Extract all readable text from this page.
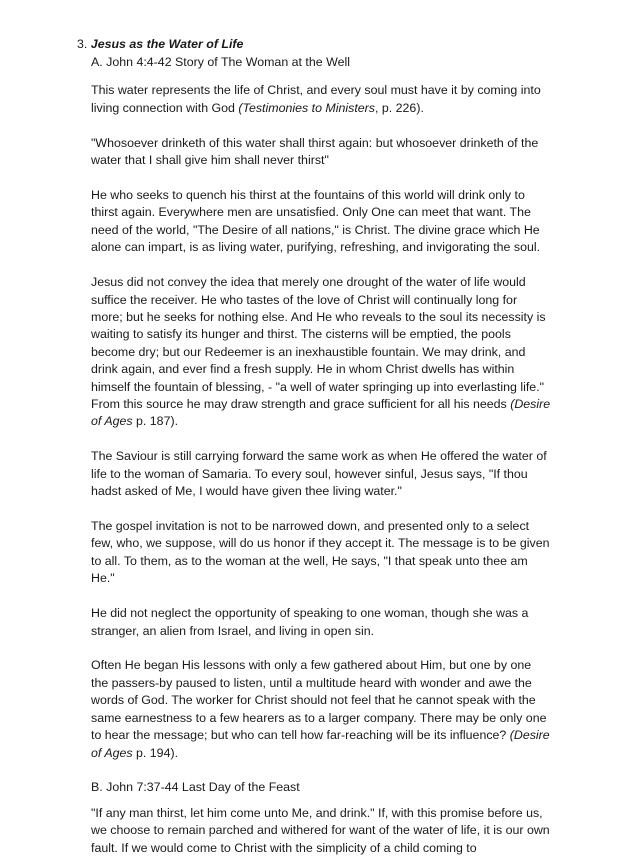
3. Jesus as the Water of Life

A. John 4:4-42 Story of The Woman at the Well

This water represents the life of Christ, and every soul must have it by coming into living connection with God (Testimonies to Ministers, p. 226).

"Whosoever drinketh of this water shall thirst again: but whosoever drinketh of the water that I shall give him shall never thirst"

He who seeks to quench his thirst at the fountains of this world will drink only to thirst again. Everywhere men are unsatisfied. Only One can meet that want. The need of the world, "The Desire of all nations," is Christ. The divine grace which He alone can impart, is as living water, purifying, refreshing, and invigorating the soul.

Jesus did not convey the idea that merely one drought of the water of life would suffice the receiver. He who tastes of the love of Christ will continually long for more; but he seeks for nothing else. And He who reveals to the soul its necessity is waiting to satisfy its hunger and thirst. The cisterns will be emptied, the pools become dry; but our Redeemer is an inexhaustible fountain. We may drink, and drink again, and ever find a fresh supply. He in whom Christ dwells has within himself the fountain of blessing, - "a well of water springing up into everlasting life." From this source he may draw strength and grace sufficient for all his needs (Desire of Ages p. 187).

The Saviour is still carrying forward the same work as when He offered the water of life to the woman of Samaria. To every soul, however sinful, Jesus says, "If thou hadst asked of Me, I would have given thee living water."

The gospel invitation is not to be narrowed down, and presented only to a select few, who, we suppose, will do us honor if they accept it. The message is to be given to all. To them, as to the woman at the well, He says, "I that speak unto thee am He."

He did not neglect the opportunity of speaking to one woman, though she was a stranger, an alien from Israel, and living in open sin.

Often He began His lessons with only a few gathered about Him, but one by one the passers-by paused to listen, until a multitude heard with wonder and awe the words of God. The worker for Christ should not feel that he cannot speak with the same earnestness to a few hearers as to a larger company. There may be only one to hear the message; but who can tell how far-reaching will be its influence? (Desire of Ages p. 194).

B. John 7:37-44 Last Day of the Feast

"If any man thirst, let him come unto Me, and drink." If, with this promise before us, we choose to remain parched and withered for want of the water of life, it is our own fault. If we would come to Christ with the simplicity of a child coming to
